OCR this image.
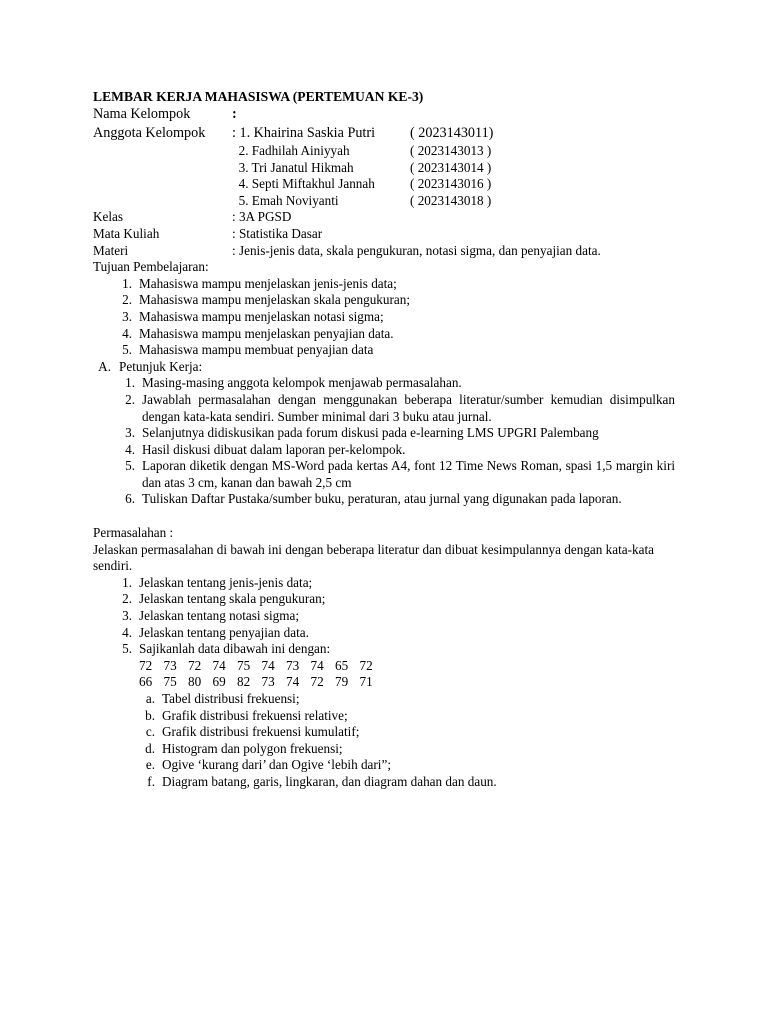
LEMBAR KERJA MAHASISWA (PERTEMUAN KE-3)
Nama Kelompok	:
Anggota Kelompok	: 1. Khairina Saskia Putri	( 2023143011)
2. Fadhilah Ainiyyah	( 2023143013 )
3. Tri Janatul Hikmah	( 2023143014 )
4. Septi Miftakhul Jannah	( 2023143016 )
5. Emah Noviyanti	( 2023143018 )
Kelas	: 3A PGSD
Mata Kuliah	: Statistika Dasar
Materi	: Jenis-jenis data, skala pengukuran, notasi sigma, dan penyajian data.
Tujuan Pembelajaran:
1. Mahasiswa mampu menjelaskan jenis-jenis data;
2. Mahasiswa mampu menjelaskan skala pengukuran;
3. Mahasiswa mampu menjelaskan notasi sigma;
4. Mahasiswa mampu menjelaskan penyajian data.
5. Mahasiswa mampu membuat penyajian data
A. Petunjuk Kerja:
1. Masing-masing anggota kelompok menjawab permasalahan.
2. Jawablah permasalahan dengan menggunakan beberapa literatur/sumber kemudian disimpulkan dengan kata-kata sendiri. Sumber minimal dari 3 buku atau jurnal.
3. Selanjutnya didiskusikan pada forum diskusi pada e-learning LMS UPGRI Palembang
4. Hasil diskusi dibuat dalam laporan per-kelompok.
5. Laporan diketik dengan MS-Word pada kertas A4, font 12 Time News Roman, spasi 1,5 margin kiri dan atas 3 cm, kanan dan bawah 2,5 cm
6. Tuliskan Daftar Pustaka/sumber buku, peraturan, atau jurnal yang digunakan pada laporan.
Permasalahan :
Jelaskan permasalahan di bawah ini dengan beberapa literatur dan dibuat kesimpulannya dengan kata-kata sendiri.
1. Jelaskan tentang jenis-jenis data;
2. Jelaskan tentang skala pengukuran;
3. Jelaskan tentang notasi sigma;
4. Jelaskan tentang penyajian data.
5. Sajikanlah data dibawah ini dengan:
72 73 72 74 75 74 73 74 65 72
66 75 80 69 82 73 74 72 79 71
a. Tabel distribusi frekuensi;
b. Grafik distribusi frekuensi relative;
c. Grafik distribusi frekuensi kumulatif;
d. Histogram dan polygon frekuensi;
e. Ogive ‘kurang dari’ dan Ogive ‘lebih dari”;
f. Diagram batang, garis, lingkaran, dan diagram dahan dan daun.
